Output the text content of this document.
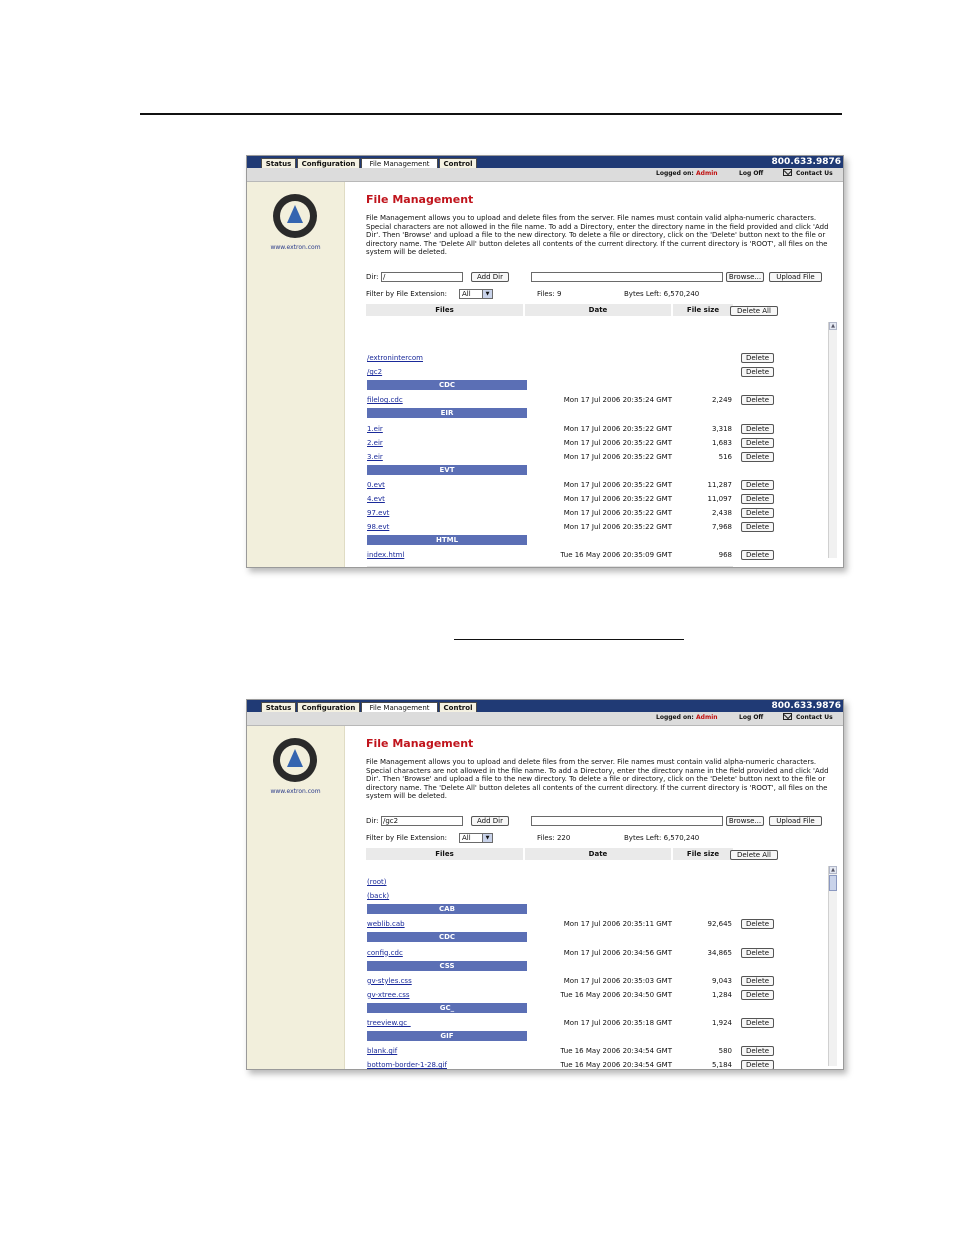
Status	Configuration	File Management	Control	800.633.9876
Logged on: Admin	Log Off	Contact Us
www.extron.com
File Management
File Management allows you to upload and delete files from the server. File names must contain valid alpha-numeric characters. Special characters are not allowed in the file name. To add a Directory, enter the directory name in the field provided and click 'Add Dir'. Then 'Browse' and upload a file to the new directory. To delete a file or directory, click on the 'Delete' button next to the file or directory name. The 'Delete All' button deletes all contents of the current directory. If the current directory is 'ROOT', all files on the system will be deleted.
Dir: /	Add Dir	Browse...	Upload File
Filter by File Extension:	All	▼	Files: 9	Bytes Left: 6,570,240
Files	Date	File size	Delete All
/extronintercom	Delete
/gc2	Delete
CDC
filelog.cdc	Mon 17 Jul 2006 20:35:24 GMT	2,249	Delete
EIR
1.eir	Mon 17 Jul 2006 20:35:22 GMT	3,318	Delete
2.eir	Mon 17 Jul 2006 20:35:22 GMT	1,683	Delete
3.eir	Mon 17 Jul 2006 20:35:22 GMT	516	Delete
EVT
0.evt	Mon 17 Jul 2006 20:35:22 GMT	11,287	Delete
4.evt	Mon 17 Jul 2006 20:35:22 GMT	11,097	Delete
97.evt	Mon 17 Jul 2006 20:35:22 GMT	2,438	Delete
98.evt	Mon 17 Jul 2006 20:35:22 GMT	7,968	Delete
HTML
index.html	Tue 16 May 2006 20:35:09 GMT	968	Delete
▲
Status	Configuration	File Management	Control	800.633.9876
Logged on: Admin	Log Off	Contact Us
www.extron.com
File Management
File Management allows you to upload and delete files from the server. File names must contain valid alpha-numeric characters. Special characters are not allowed in the file name. To add a Directory, enter the directory name in the field provided and click 'Add Dir'. Then 'Browse' and upload a file to the new directory. To delete a file or directory, click on the 'Delete' button next to the file or directory name. The 'Delete All' button deletes all contents of the current directory. If the current directory is 'ROOT', all files on the system will be deleted.
Dir: /gc2	Add Dir	Browse...	Upload File
Filter by File Extension:	All	▼	Files: 220	Bytes Left: 6,570,240
Files	Date	File size	Delete All
(root)
(back)
CAB
weblib.cab	Mon 17 Jul 2006 20:35:11 GMT	92,645	Delete
CDC
config.cdc	Mon 17 Jul 2006 20:34:56 GMT	34,865	Delete
CSS
gv-styles.css	Mon 17 Jul 2006 20:35:03 GMT	9,043	Delete
gv-xtree.css	Tue 16 May 2006 20:34:50 GMT	1,284	Delete
GC_
treeview.gc_	Mon 17 Jul 2006 20:35:18 GMT	1,924	Delete
GIF
blank.gif	Tue 16 May 2006 20:34:54 GMT	580	Delete
bottom-border-1-28.gif	Tue 16 May 2006 20:34:54 GMT	5,184	Delete
▲
